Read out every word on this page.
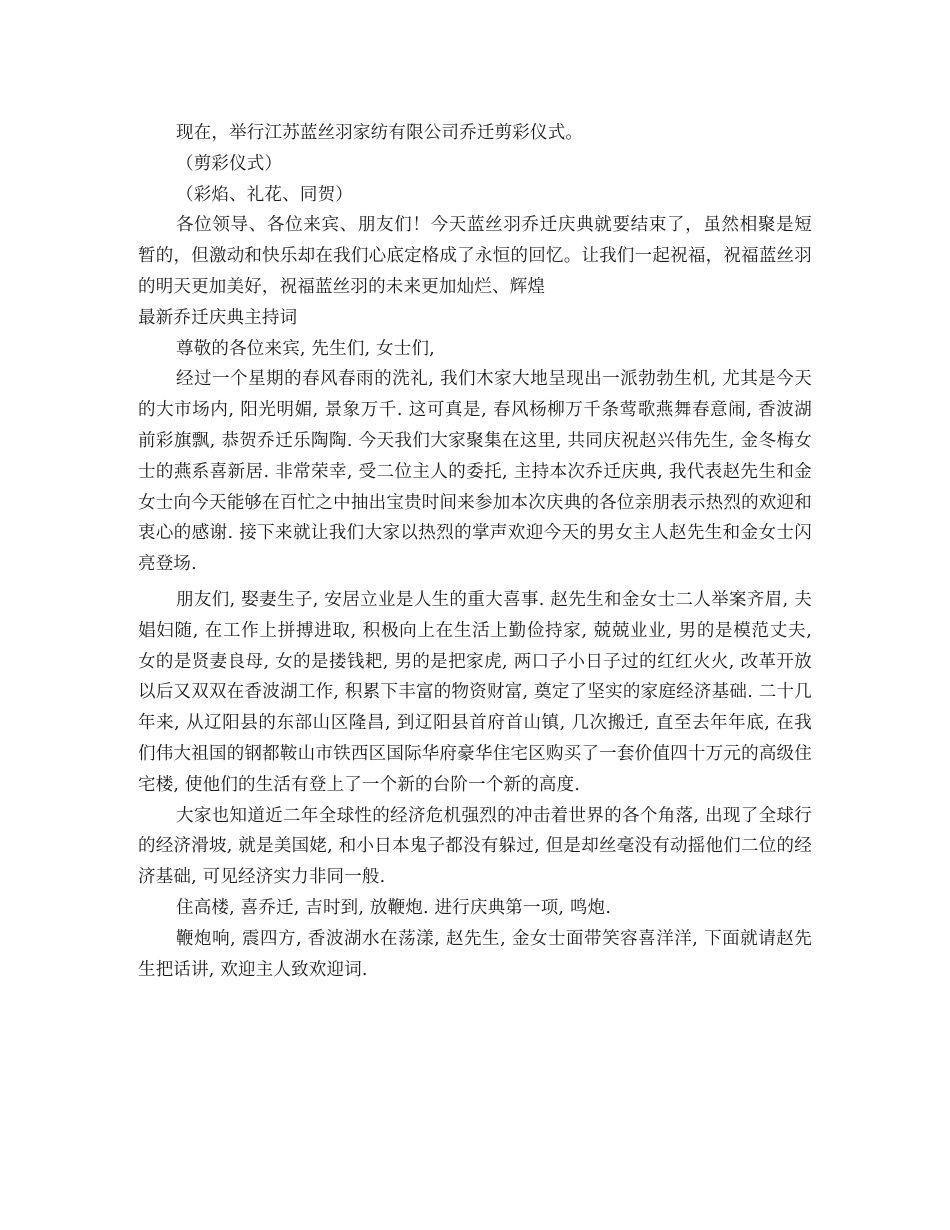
现在，举行江苏蓝丝羽家纺有限公司乔迁剪彩仪式。

（剪彩仪式）

（彩焰、礼花、同贺）

各位领导、各位来宾、朋友们！今天蓝丝羽乔迁庆典就要结束了，虽然相聚是短暂的，但激动和快乐却在我们心底定格成了永恒的回忆。让我们一起祝福，祝福蓝丝羽的明天更加美好，祝福蓝丝羽的未来更加灿烂、辉煌

最新乔迁庆典主持词

尊敬的各位来宾, 先生们, 女士们,

经过一个星期的春风春雨的洗礼, 我们木家大地呈现出一派勃勃生机, 尤其是今天的大市场内, 阳光明媚, 景象万千. 这可真是, 春风杨柳万千条莺歌燕舞春意闹, 香波湖前彩旗飘, 恭贺乔迁乐陶陶. 今天我们大家聚集在这里, 共同庆祝赵兴伟先生, 金冬梅女士的燕系喜新居. 非常荣幸, 受二位主人的委托, 主持本次乔迁庆典, 我代表赵先生和金女士向今天能够在百忙之中抽出宝贵时间来参加本次庆典的各位亲朋表示热烈的欢迎和衷心的感谢. 接下来就让我们大家以热烈的掌声欢迎今天的男女主人赵先生和金女士闪亮登场.

朋友们, 娶妻生子, 安居立业是人生的重大喜事. 赵先生和金女士二人举案齐眉, 夫娼妇随, 在工作上拼搏进取, 积极向上在生活上勤俭持家, 兢兢业业, 男的是模范丈夫, 女的是贤妻良母, 女的是搂钱耙, 男的是把家虎, 两口子小日子过的红红火火, 改革开放以后又双双在香波湖工作, 积累下丰富的物资财富, 奠定了坚实的家庭经济基础. 二十几年来, 从辽阳县的东部山区隆昌, 到辽阳县首府首山镇, 几次搬迁, 直至去年年底, 在我们伟大祖国的钢都鞍山市铁西区国际华府豪华住宅区购买了一套价值四十万元的高级住宅楼, 使他们的生活有登上了一个新的台阶一个新的高度.

大家也知道近二年全球性的经济危机强烈的冲击着世界的各个角落, 出现了全球行的经济滑坡, 就是美国姥, 和小日本鬼子都没有躲过, 但是却丝毫没有动摇他们二位的经济基础, 可见经济实力非同一般.

住高楼, 喜乔迁, 吉时到, 放鞭炮. 进行庆典第一项, 鸣炮.

鞭炮响, 震四方, 香波湖水在荡漾, 赵先生, 金女士面带笑容喜洋洋, 下面就请赵先生把话讲, 欢迎主人致欢迎词.
